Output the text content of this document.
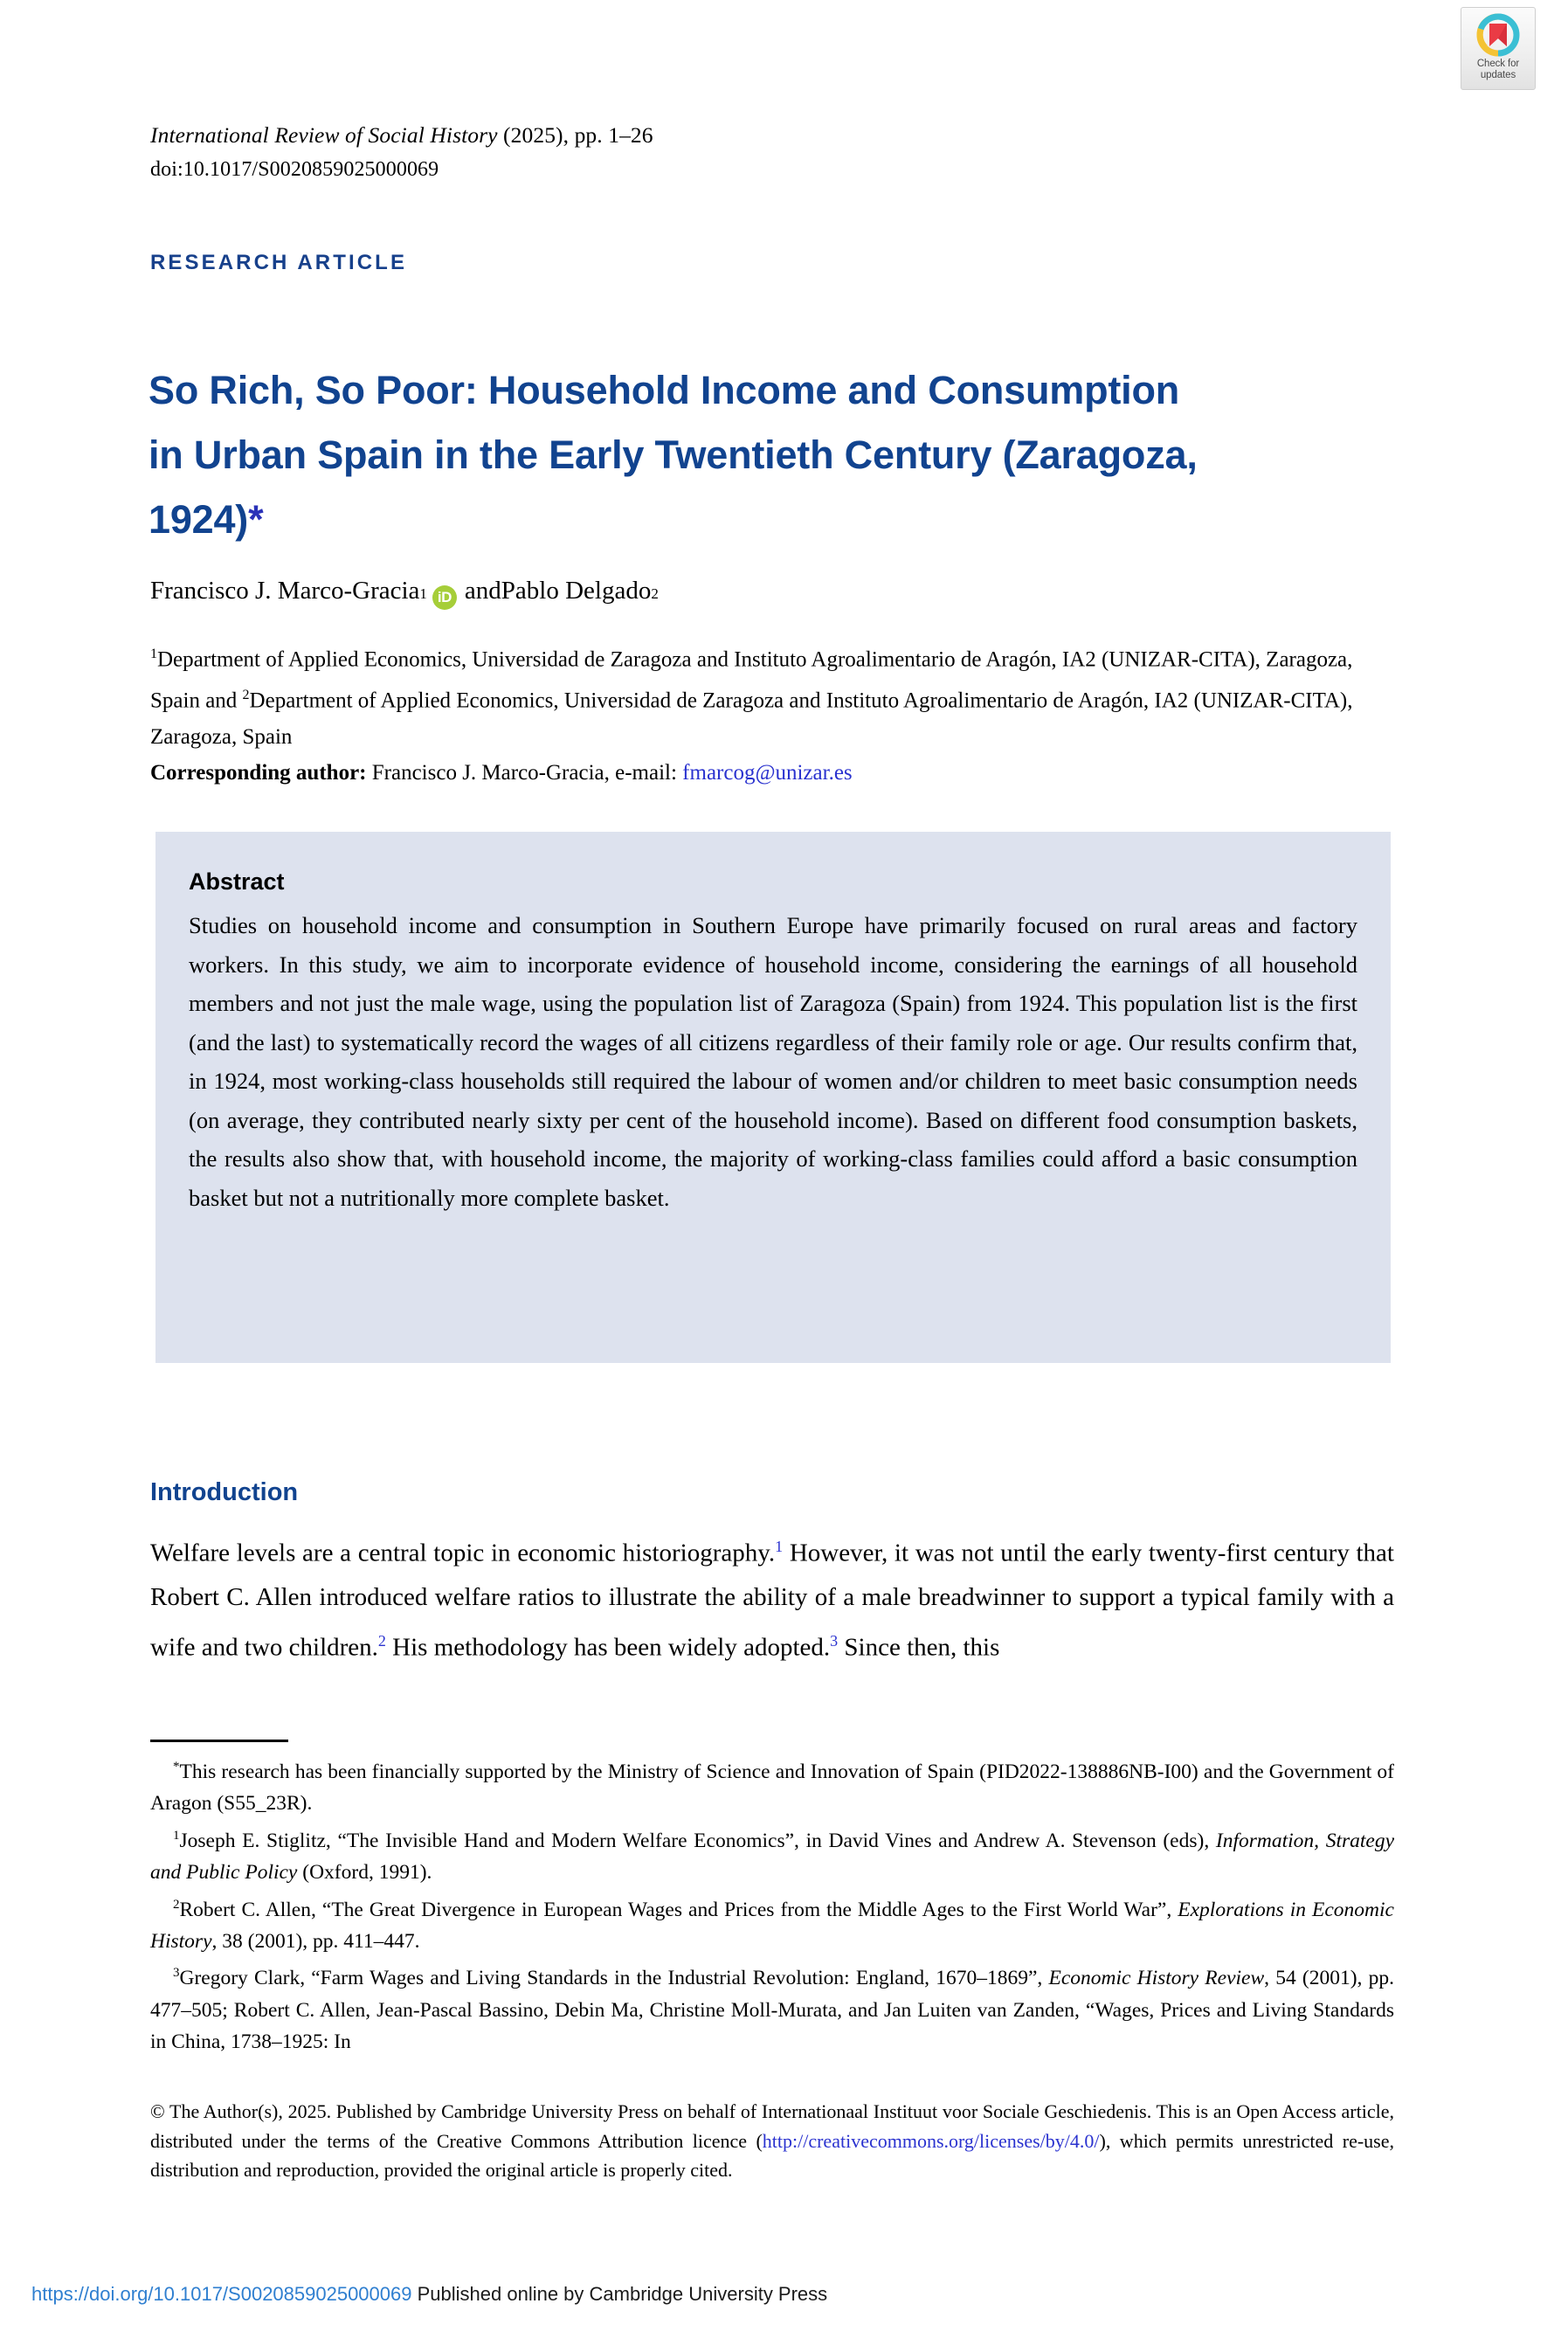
Check for
updates
International Review of Social History (2025), pp. 1–26
doi:10.1017/S0020859025000069
RESEARCH ARTICLE
So Rich, So Poor: Household Income and Consumption in Urban Spain in the Early Twentieth Century (Zaragoza, 1924)*
Francisco J. Marco-Gracia 1 iD and Pablo Delgado 2
$^1$Department of Applied Economics, Universidad de Zaragoza and Instituto Agroalimentario de Aragón, IA2 (UNIZAR-CITA), Zaragoza, Spain and $^2$Department of Applied Economics, Universidad de Zaragoza and Instituto Agroalimentario de Aragón, IA2 (UNIZAR-CITA), Zaragoza, Spain
Corresponding author: Francisco J. Marco-Gracia, e-mail: fmarcog@unizar.es
Abstract
Studies on household income and consumption in Southern Europe have primarily focused on rural areas and factory workers. In this study, we aim to incorporate evidence of household income, considering the earnings of all household members and not just the male wage, using the population list of Zaragoza (Spain) from 1924. This population list is the first (and the last) to systematically record the wages of all citizens regardless of their family role or age. Our results confirm that, in 1924, most working-class households still required the labour of women and/or children to meet basic consumption needs (on average, they contributed nearly sixty per cent of the household income). Based on different food consumption baskets, the results also show that, with household income, the majority of working-class families could afford a basic consumption basket but not a nutritionally more complete basket.
Introduction
Welfare levels are a central topic in economic historiography.$^1$ However, it was not until the early twenty-first century that Robert C. Allen introduced welfare ratios to illustrate the ability of a male breadwinner to support a typical family with a wife and two children.$^2$ His methodology has been widely adopted.$^3$ Since then, this

*This research has been financially supported by the Ministry of Science and Innovation of Spain (PID2022-138886NB-I00) and the Government of Aragon (S55_23R).

$^1$Joseph E. Stiglitz, “The Invisible Hand and Modern Welfare Economics”, in David Vines and Andrew A. Stevenson (eds), Information, Strategy and Public Policy (Oxford, 1991).

$^2$Robert C. Allen, “The Great Divergence in European Wages and Prices from the Middle Ages to the First World War”, Explorations in Economic History, 38 (2001), pp. 411–447.

$^3$Gregory Clark, “Farm Wages and Living Standards in the Industrial Revolution: England, 1670–1869”, Economic History Review, 54 (2001), pp. 477–505; Robert C. Allen, Jean-Pascal Bassino, Debin Ma, Christine Moll-Murata, and Jan Luiten van Zanden, “Wages, Prices and Living Standards in China, 1738–1925: In

© The Author(s), 2025. Published by Cambridge University Press on behalf of Internationaal Instituut voor Sociale Geschiedenis. This is an Open Access article, distributed under the terms of the Creative Commons Attribution licence (http://creativecommons.org/licenses/by/4.0/), which permits unrestricted re-use, distribution and reproduction, provided the original article is properly cited.
https://doi.org/10.1017/S0020859025000069 Published online by Cambridge University Press
